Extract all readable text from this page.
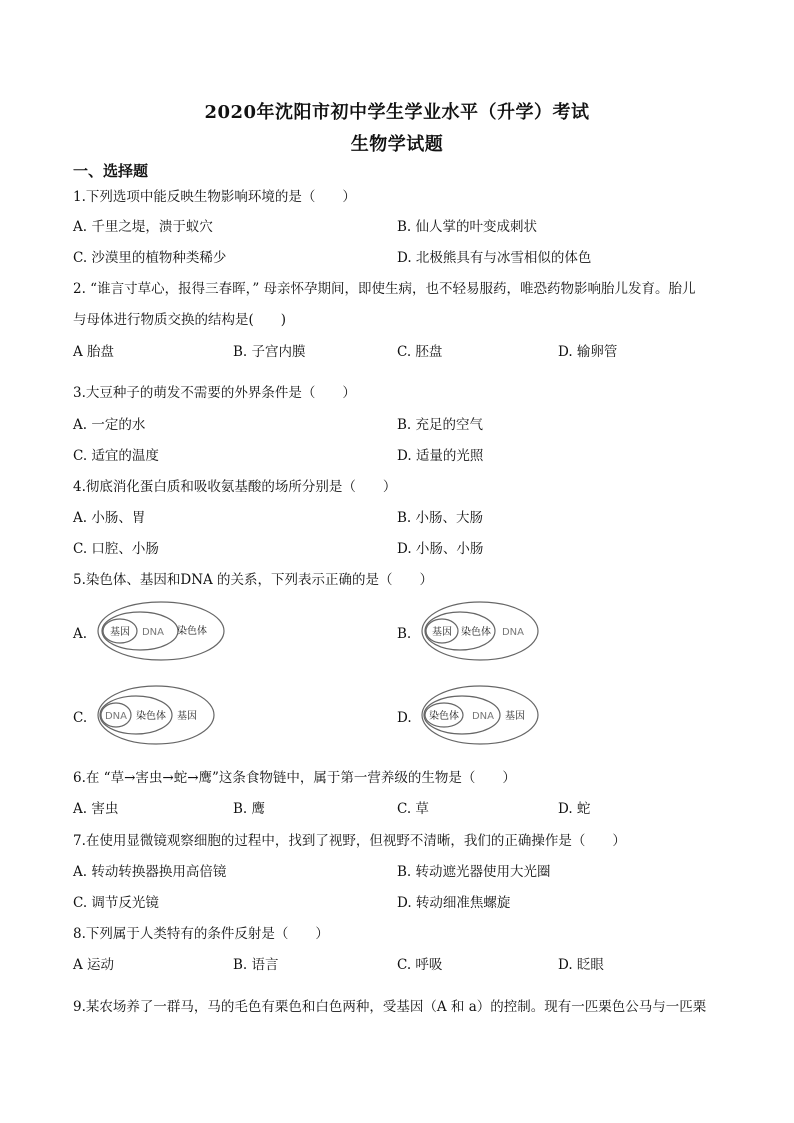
2020年沈阳市初中学生学业水平（升学）考试
生物学试题
一、选择题
1.下列选项中能反映生物影响环境的是（　　）
A. 千里之堤，溃于蚁穴	B. 仙人掌的叶变成刺状
C. 沙漠里的植物种类稀少	D. 北极熊具有与冰雪相似的体色
2. “谁言寸草心，报得三春晖，” 母亲怀孕期间，即使生病，也不轻易服药，唯恐药物影响胎儿发育。胎儿
与母体进行物质交换的结构是(　　)
A 胎盘	B. 子宫内膜	C. 胚盘	D. 输卵管
3.大豆种子的萌发不需要的外界条件是（　　）
A. 一定的水	B. 充足的空气
C. 适宜的温度	D. 适量的光照
4.彻底消化蛋白质和吸收氨基酸的场所分别是（　　）
A. 小肠、胃	B. 小肠、大肠
C. 口腔、小肠	D. 小肠、小肠
5.染色体、基因和DNA 的关系，下列表示正确的是（　　）
A. 基因 DNA 染色体	B. 基因 染色体 DNA
C. DNA 染色体 基因	D. 染色体 DNA 基因
6.在 “草→害虫→蛇→鹰”这条食物链中，属于第一营养级的生物是（　　）
A. 害虫	B. 鹰	C. 草	D. 蛇
7.在使用显微镜观察细胞的过程中，找到了视野，但视野不清晰，我们的正确操作是（　　）
A. 转动转换器换用高倍镜	B. 转动遮光器使用大光圈
C. 调节反光镜	D. 转动细准焦螺旋
8.下列属于人类特有的条件反射是（　　）
A 运动	B. 语言	C. 呼吸	D. 眨眼
9.某农场养了一群马，马的毛色有栗色和白色两种，受基因（A 和 a）的控制。现有一匹栗色公马与一匹栗
